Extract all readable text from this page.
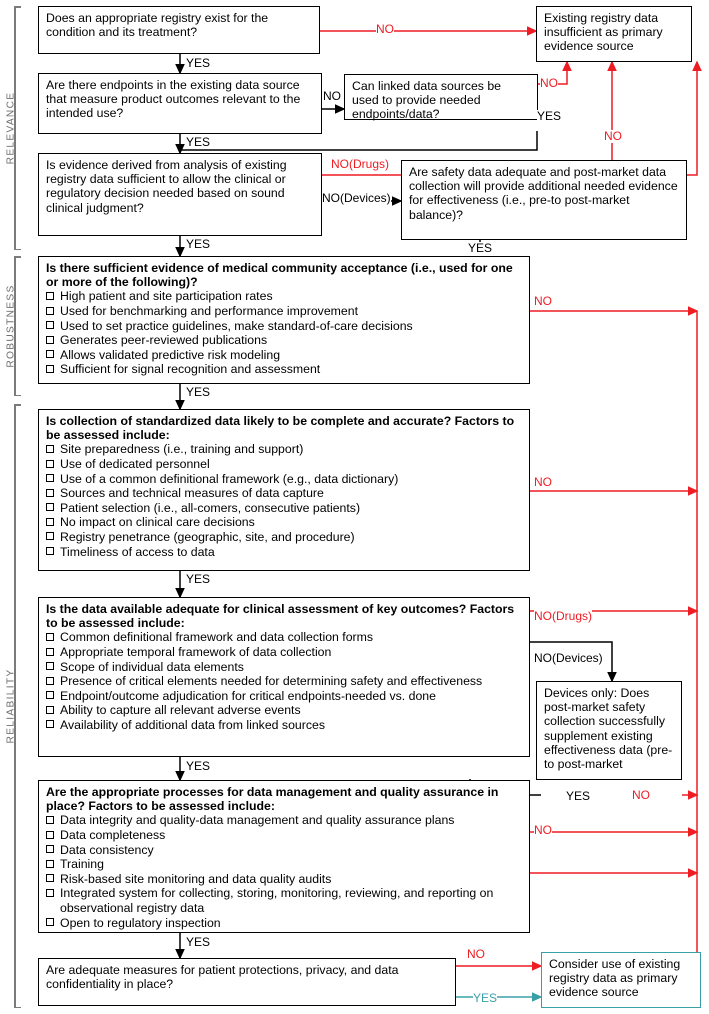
RELEVANCE
ROBUSTNESS
RELIABILITY
Does an appropriate registry exist for the condition and its treatment?
Are there endpoints in the existing data source that measure product outcomes relevant to the intended use?
Can linked data sources be used to provide needed endpoints/data?
Is evidence derived from analysis of existing registry data sufficient to allow the clinical or regulatory decision needed based on sound clinical judgment?
Are safety data adequate and post-market data collection will provide additional needed evidence for effectiveness (i.e., pre-to post-market balance)?
Is there sufficient evidence of medical community acceptance (i.e., used for one or more of the following)?
High patient and site participation rates
Used for benchmarking and performance improvement
Used to set practice guidelines, make standard-of-care decisions
Generates peer-reviewed publications
Allows validated predictive risk modeling
Sufficient for signal recognition and assessment
Is collection of standardized data likely to be complete and accurate? Factors to be assessed include:
Site preparedness (i.e., training and support)
Use of dedicated personnel
Use of a common definitional framework (e.g., data dictionary)
Sources and technical measures of data capture
Patient selection (i.e., all-comers, consecutive patients)
No impact on clinical care decisions
Registry penetrance (geographic, site, and procedure)
Timeliness of access to data
Is the data available adequate for clinical assessment of key outcomes? Factors to be assessed include:
Common definitional framework and data collection forms
Appropriate temporal framework of data collection
Scope of individual data elements
Presence of critical elements needed for determining safety and effectiveness
Endpoint/outcome adjudication for critical endpoints-needed vs. done
Ability to capture all relevant adverse events
Availability of additional data from linked sources
Devices only: Does post-market safety collection successfully supplement existing effectiveness data (pre- to post-market
Are the appropriate processes for data management and quality assurance in place? Factors to be assessed include:
Data integrity and quality-data management and quality assurance plans
Data completeness
Data consistency
Training
Risk-based site monitoring and data quality audits
Integrated system for collecting, storing, monitoring, reviewing, and reporting on observational registry data
Open to regulatory inspection
Are adequate measures for patient protections, privacy, and data confidentiality in place?
Existing registry data insufficient as primary evidence source
Consider use of existing registry data as primary evidence source
NO
YES
NO
NO
YES
NO
YES
NO(Drugs)
NO(Devices)
YES	YES
NO
YES
NO
YES
NO(Drugs)
NO(Devices)
YES	NO
YES
NO
YES
NO
YES
